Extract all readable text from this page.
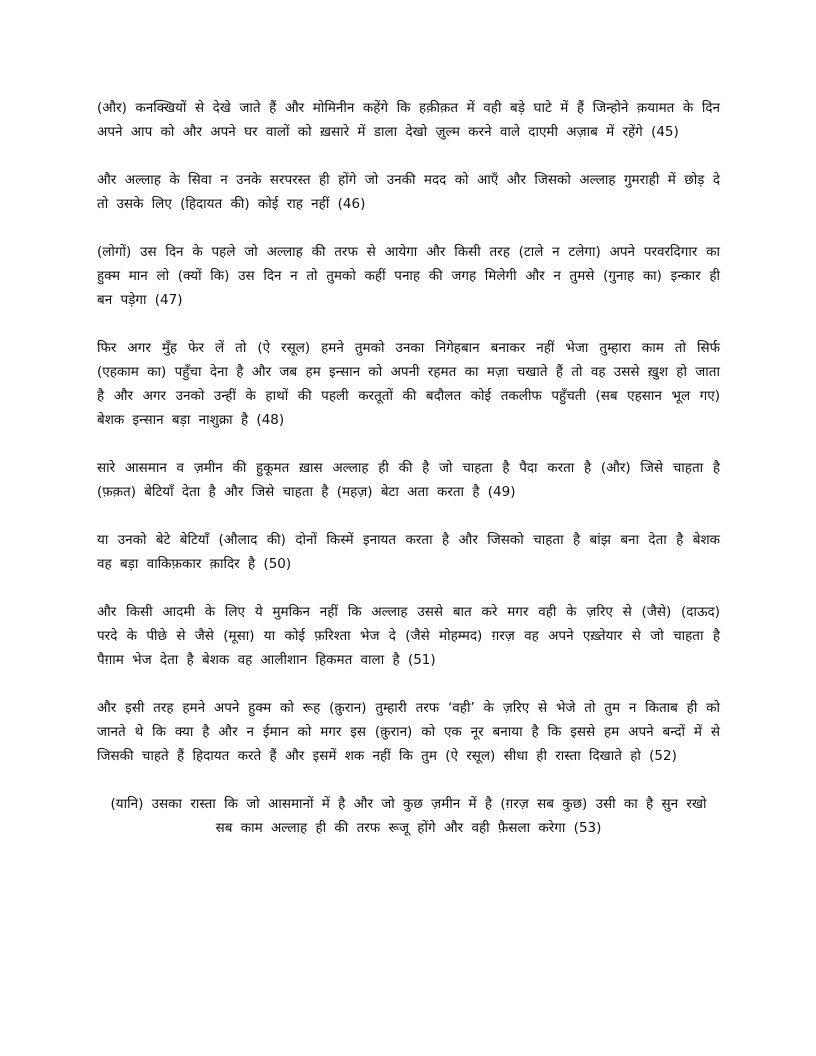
(और) कनक्खियों से देखे जाते हैं और मोमिनीन कहेंगे कि हक़ीक़त में वही बड़े घाटे में हैं जिन्होने क़यामत के दिन अपने आप को और अपने घर वालों को ख़सारे में डाला देखो ज़ुल्म करने वाले दाएमी अज़ाब में रहेंगे (45)

और अल्लाह के सिवा न उनके सरपरस्त ही होंगे जो उनकी मदद को आएँ और जिसको अल्लाह गुमराही में छोड़ दे तो उसके लिए (हिदायत की) कोई राह नहीं (46)

(लोगों) उस दिन के पहले जो अल्लाह की तरफ से आयेगा और किसी तरह (टाले न टलेगा) अपने परवरदिगार का हुक्म मान लो (क्यों कि) उस दिन न तो तुमको कहीं पनाह की जगह मिलेगी और न तुमसे (गुनाह का) इन्कार ही बन पड़ेगा (47)

फिर अगर मुँह फेर लें तो (ऐ रसूल) हमने तुमको उनका निगेहबान बनाकर नहीं भेजा तुम्हारा काम तो सिर्फ (एहकाम का) पहुँचा देना है और जब हम इन्सान को अपनी रहमत का मज़ा चखाते हैं तो वह उससे ख़ुश हो जाता है और अगर उनको उन्हीं के हाथों की पहली करतूतों की बदौलत कोई तकलीफ पहुँचती (सब एहसान भूल गए) बेशक इन्सान बड़ा नाशुक्रा है (48)

सारे आसमान व ज़मीन की हुकूमत ख़ास अल्लाह ही की है जो चाहता है पैदा करता है (और) जिसे चाहता है (फ़क़त) बेटियाँ देता है और जिसे चाहता है (महज़) बेटा अता करता है (49)

या उनको बेटे बेटियाँ (औलाद की) दोनों किस्में इनायत करता है और जिसको चाहता है बांझ बना देता है बेशक वह बड़ा वाकिफ़कार क़ादिर है (50)

और किसी आदमी के लिए ये मुमकिन नहीं कि अल्लाह उससे बात करे मगर वही के ज़रिए से (जैसे) (दाऊद) परदे के पीछे से जैसे (मूसा) या कोई फ़रिश्ता भेज दे (जैसे मोहम्मद) ग़रज़ वह अपने एख़्तेयार से जो चाहता है पैग़ाम भेज देता है बेशक वह आलीशान हिकमत वाला है (51)

और इसी तरह हमने अपने हुक्म को रूह (क़ुरान) तुम्हारी तरफ ‘वही’ के ज़रिए से भेजे तो तुम न किताब ही को जानते थे कि क्या है और न ईमान को मगर इस (क़ुरान) को एक नूर बनाया है कि इससे हम अपने बन्दों में से जिसकी चाहते हैं हिदायत करते हैं और इसमें शक नहीं कि तुम (ऐ रसूल) सीधा ही रास्ता दिखाते हो (52)

(यानि) उसका रास्ता कि जो आसमानों में है और जो कुछ ज़मीन में है (ग़रज़ सब कुछ) उसी का है सुन रखो सब काम अल्लाह ही की तरफ रूजू होंगे और वही फ़ैसला करेगा (53)
